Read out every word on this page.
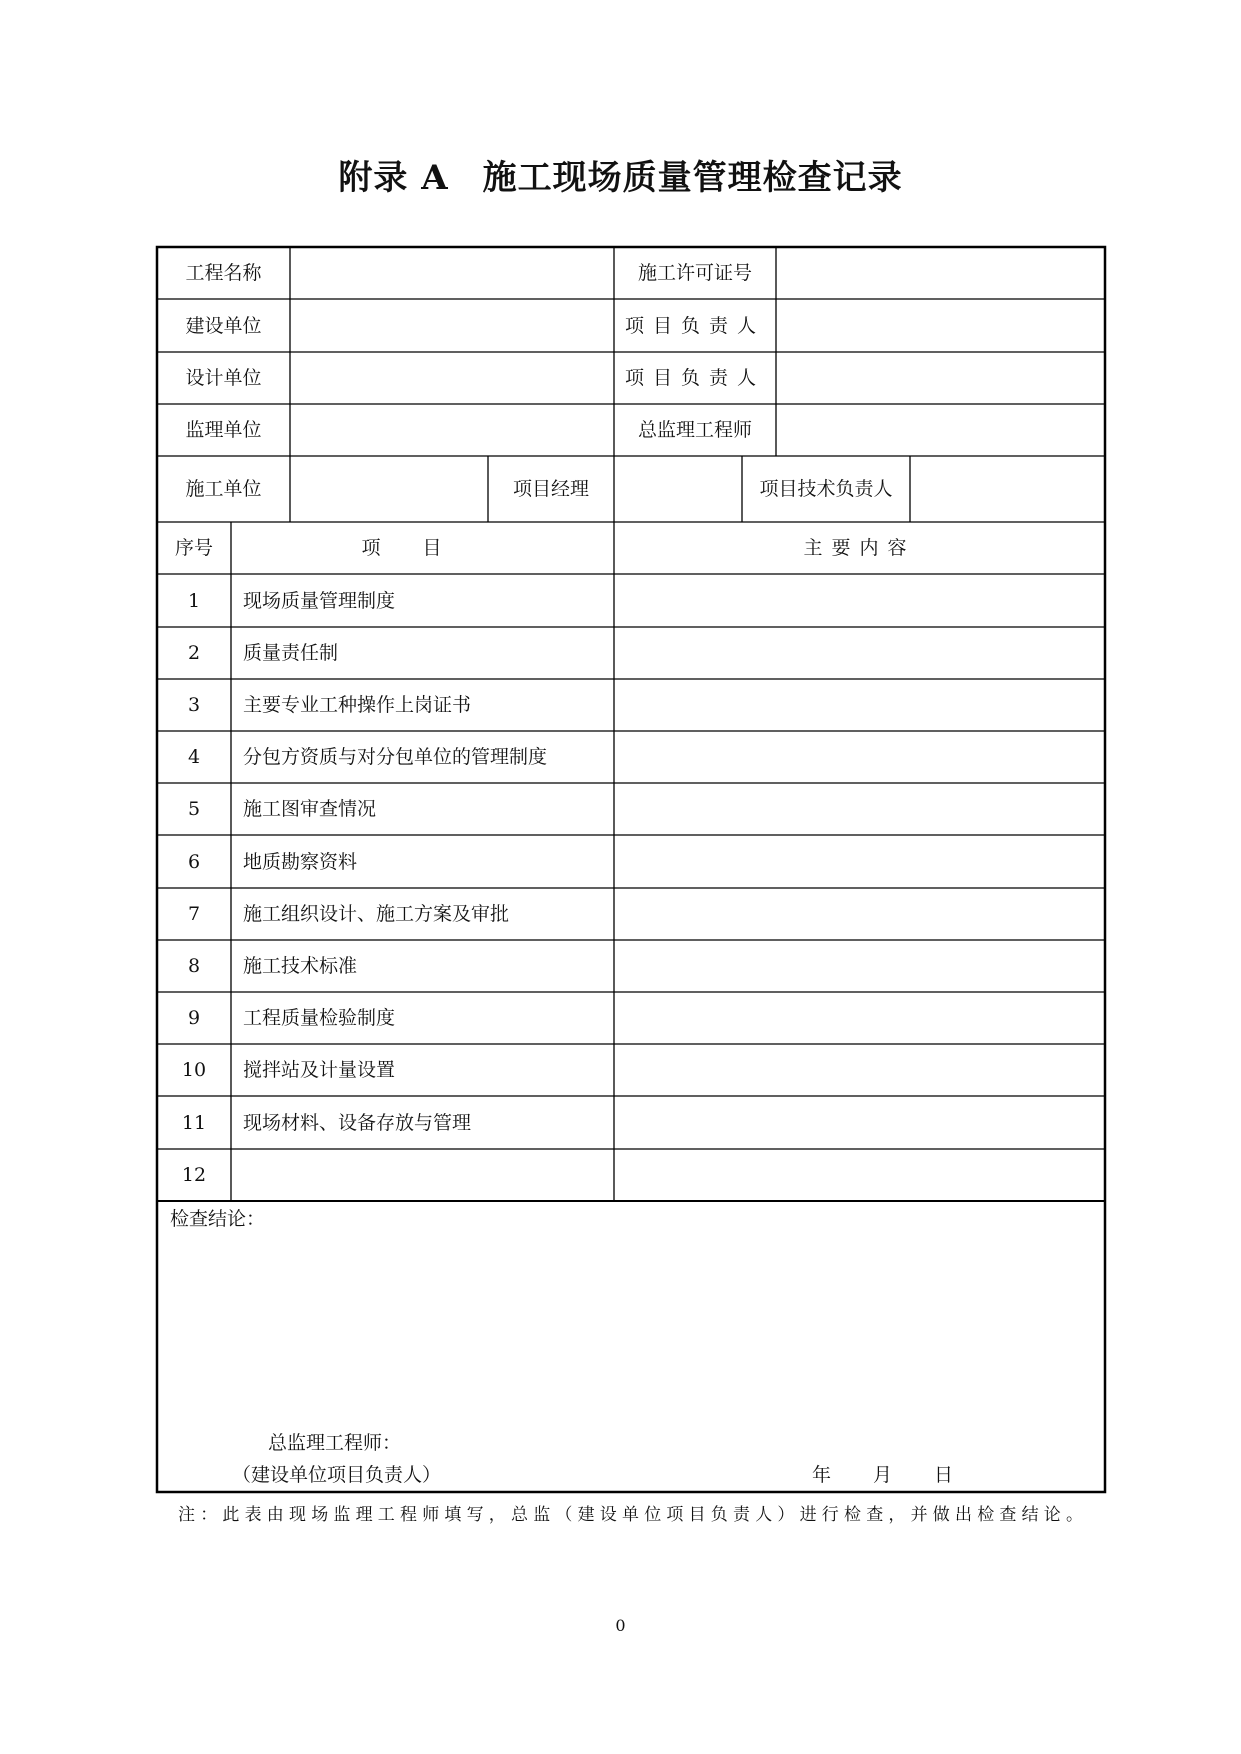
附录 A 施工现场质量管理检查记录
工程名称	施工许可证号
建设单位	项目负责人
设计单位	项目负责人
监理单位	总监理工程师
施工单位	项目经理	项目技术负责人
序号	项目	主要内容
1	现场质量管理制度
2	质量责任制
3	主要专业工种操作上岗证书
4	分包方资质与对分包单位的管理制度
5	施工图审查情况
6	地质勘察资料
7	施工组织设计、施工方案及审批
8	施工技术标准
9	工程质量检验制度
10	搅拌站及计量设置
11	现场材料、设备存放与管理
12
检查结论：
总监理工程师：
（建设单位项目负责人）	年 月 日
注：此表由现场监理工程师填写，总监（建设单位项目负责人）进行检查，并做出检查结论。
0
